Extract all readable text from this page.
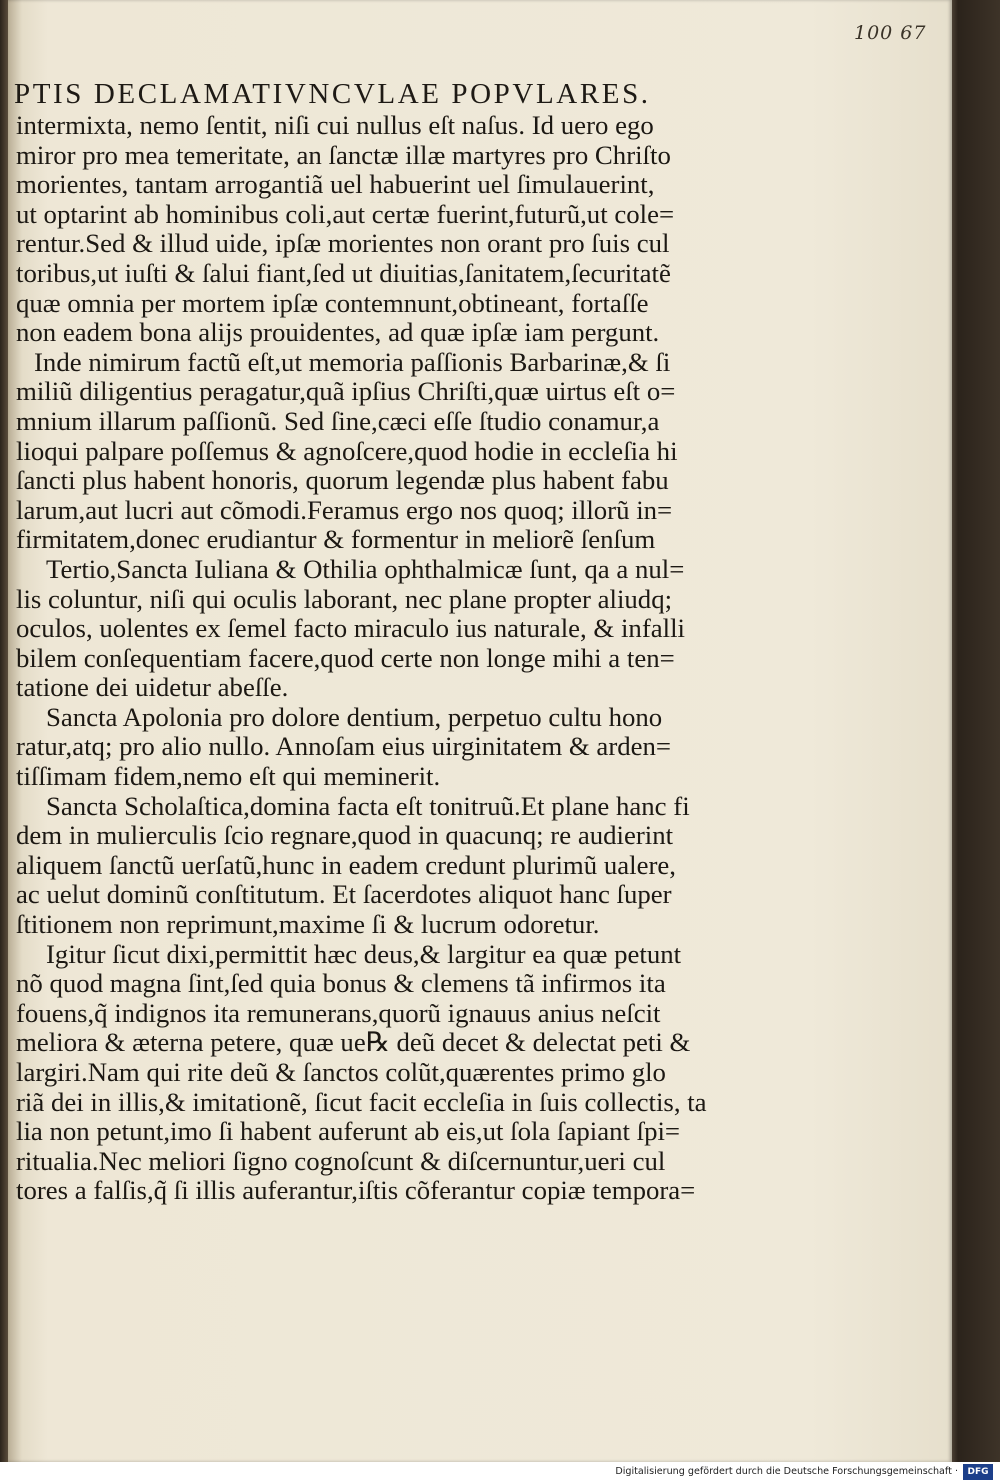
100 67
PTIS DECLAMATIVNCVLAE POPVLARES.
intermixta, nemo ſentit, niſi cui nullus eſt naſus. Id uero ego
miror pro mea temeritate, an ſanctæ illæ martyres pro Chriſto
morientes, tantam arrogantiã uel habuerint uel ſimulauerint,
ut optarint ab hominibus coli,aut certæ fuerint,futurũ,ut cole=
rentur.Sed & illud uide, ipſæ morientes non orant pro ſuis cul
toribus,ut iuſti & ſalui fiant,ſed ut diuitias,ſanitatem,ſecuritatẽ
quæ omnia per mortem ipſæ contemnunt,obtineant, fortaſſe
non eadem bona alijs prouidentes, ad quæ ipſæ iam pergunt.
Inde nimirum factũ eſt,ut memoria paſſionis Barbarinæ,& ſi
miliũ diligentius peragatur,quã ipſius Chriſti,quæ uirtus eſt o=
mnium illarum paſſionũ. Sed ſine,cæci eſſe ſtudio conamur,a
lioqui palpare poſſemus & agnoſcere,quod hodie in eccleſia hi
ſancti plus habent honoris, quorum legendæ plus habent fabu
larum,aut lucri aut cõmodi.Feramus ergo nos quoq; illorũ in=
firmitatem,donec erudiantur & formentur in meliorẽ ſenſum
Tertio,Sancta Iuliana & Othilia ophthalmicæ ſunt, qa a nul=
lis coluntur, niſi qui oculis laborant, nec plane propter aliudq;
oculos, uolentes ex ſemel facto miraculo ius naturale, & infalli
bilem conſequentiam facere,quod certe non longe mihi a ten=
tatione dei uidetur abeſſe.
Sancta Apolonia pro dolore dentium, perpetuo cultu hono
ratur,atq; pro alio nullo. Annoſam eius uirginitatem & arden=
tiſſimam fidem,nemo eſt qui meminerit.
Sancta Scholaſtica,domina facta eſt tonitruũ.Et plane hanc fi
dem in mulierculis ſcio regnare,quod in quacunq; re audierint
aliquem ſanctũ uerſatũ,hunc in eadem credunt plurimũ ualere,
ac uelut dominũ conſtitutum. Et ſacerdotes aliquot hanc ſuper
ſtitionem non reprimunt,maxime ſi & lucrum odoretur.
Igitur ſicut dixi,permittit hæc deus,& largitur ea quæ petunt
nõ quod magna ſint,ſed quia bonus & clemens tã infirmos ita
fouens,q̃ indignos ita remunerans,quorũ ignauus anius neſcit
meliora & æterna petere, quæ ue℞ deũ decet & delectat peti &
largiri.Nam qui rite deũ & ſanctos colũt,quærentes primo glo
riã dei in illis,& imitationẽ, ſicut facit eccleſia in ſuis collectis, ta
lia non petunt,imo ſi habent auferunt ab eis,ut ſola ſapiant ſpi=
ritualia.Nec meliori ſigno cognoſcunt & diſcernuntur,ueri cul
tores a falſis,q̃ ſi illis auferantur,iſtis cõferantur copiæ tempora=
Digitalisierung gefördert durch die Deutsche Forschungsgemeinschaft ·	DFG
